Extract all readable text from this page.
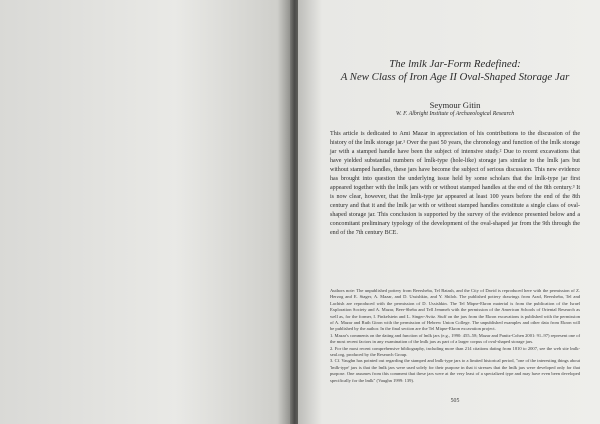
The lmlk Jar-Form Redefined:
A New Class of Iron Age II Oval-Shaped Storage Jar

Seymour Gitin

W. F. Albright Institute of Archaeological Research

This article is dedicated to Ami Mazar in appreciation of his contributions to the discussion of the history of the lmlk storage jar.¹ Over the past 50 years, the chronology and function of the lmlk storage jar with a stamped handle have been the subject of intensive study.² Due to recent excavations that have yielded substantial numbers of lmlk-type (hole-like) storage jars similar to the lmlk jars but without stamped handles, these jars have become the subject of serious discussion. This new evidence has brought into question the underlying issue held by some scholars that the lmlk-type jar first appeared together with the lmlk jars with or without stamped handles at the end of the 8th century.³ It is now clear, however, that the lmlk-type jar appeared at least 100 years before the end of the 8th century and that it and the lmlk jar with or without stamped handles constitute a single class of oval-shaped storage jar. This conclusion is supported by the survey of the evidence presented below and a concomitant preliminary typology of the development of the oval-shaped jar from the 9th through the end of the 7th century BCE.

Authors note: The unpublished pottery from Beersheba, Tel Batash, and the City of David is reproduced here with the permission of Z. Herzog and E. Stager, A. Mazar, and D. Ussishkin, and Y. Shiloh. The published pottery drawings from Arad, Beersheba, Tel and Lachish are reproduced with the permission of D. Ussishkin. The Tel Miqne-Ekron material is from the publication of the Israel Exploration Society and A. Mazar, Beer-Sheba and Tell Jemmeh with the permission of the American Schools of Oriental Research as well as, for the former, I. Finkelstein and L. Singer-Avitz. Stuff on the jars from the Ekron excavations is published with the permission of A. Mazar and Ruth Giron with the permission of Hebrew Union College. The unpublished examples and other data from Ekron will be published by the author. In the final section are the Tel Miqne-Ekron excavation project.

1. Mazar's comments on the dating and function of lmlk jars (e.g., 1990: 455–58; Mazar and Panitz-Cohen 2001: 91–97) represent one of the most recent factors in any examination of the lmlk jars as part of a larger corpus of oval-shaped storage jars.

2. For the most recent comprehensive bibliography, including more than 214 citations dating from 1810 to 2007, see the web site lmlk-seal.org, produced by the Research Group.

3. Cf. Vaughn has pointed out regarding the stamped and lmlk-type jars to a limited historical period, "one of the interesting things about 'lmlk-type' jars is that the lmlk jars were used solely for their purpose in that it stresses that the lmlk jars were developed only for that purpose. One assumes from this comment that these jars were at the very least of a specialized type and may have even been developed specifically for the lmlk" (Vaughn 1999: 139).

505
